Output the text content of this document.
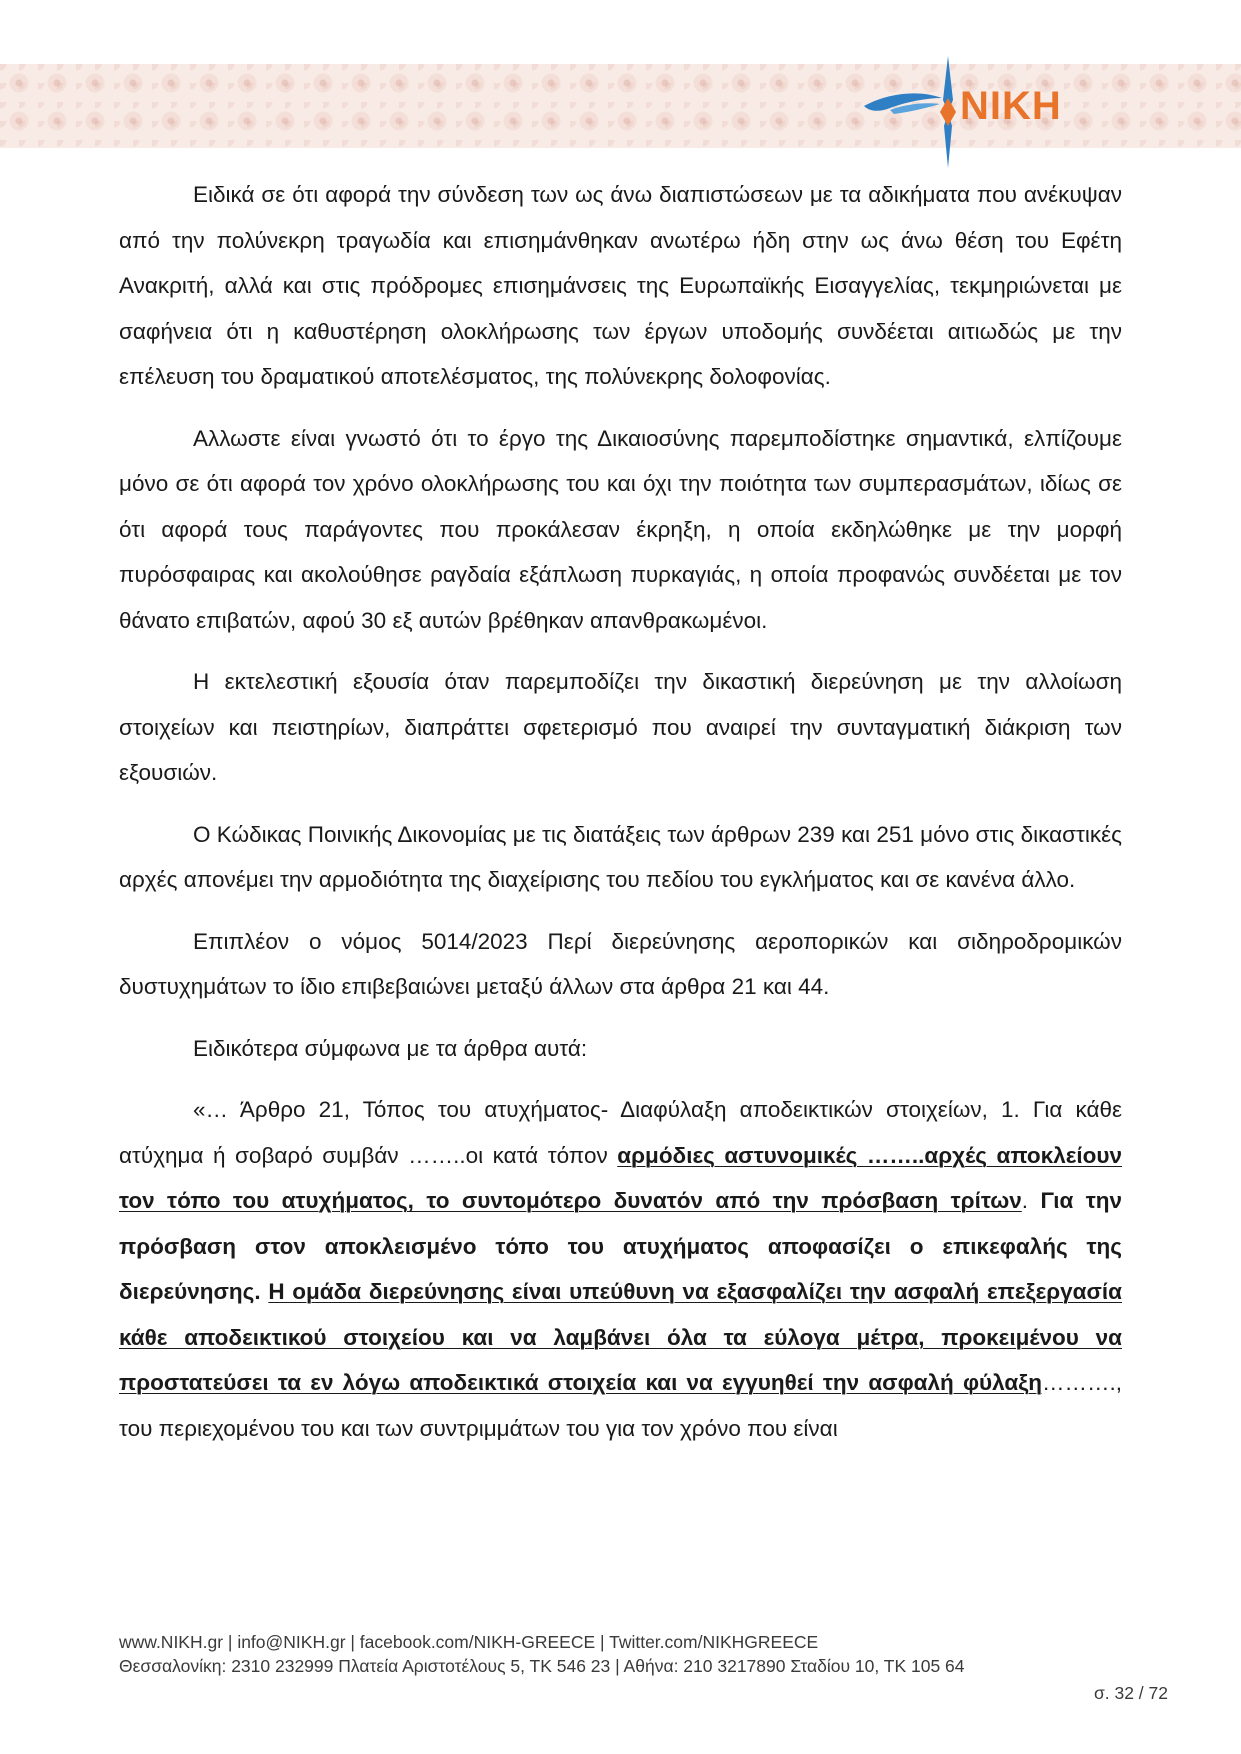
NIKH

Ειδικά σε ότι αφορά την σύνδεση των ως άνω διαπιστώσεων με τα αδικήματα που ανέκυψαν από την πολύνεκρη τραγωδία και επισημάνθηκαν ανωτέρω ήδη στην ως άνω θέση του Εφέτη Ανακριτή, αλλά και στις πρόδρομες επισημάνσεις της Ευρωπαϊκής Εισαγγελίας, τεκμηριώνεται με σαφήνεια ότι η καθυστέρηση ολοκλήρωσης των έργων υποδομής συνδέεται αιτιωδώς με την επέλευση του δραματικού αποτελέσματος, της πολύνεκρης δολοφονίας.

Αλλωστε είναι γνωστό ότι το έργο της Δικαιοσύνης παρεμποδίστηκε σημαντικά, ελπίζουμε μόνο σε ότι αφορά τον χρόνο ολοκλήρωσης του και όχι την ποιότητα των συμπερασμάτων, ιδίως σε ότι αφορά τους παράγοντες που προκάλεσαν έκρηξη, η οποία εκδηλώθηκε με την μορφή πυρόσφαιρας και ακολούθησε ραγδαία εξάπλωση πυρκαγιάς, η οποία προφανώς συνδέεται με τον θάνατο επιβατών, αφού 30 εξ αυτών βρέθηκαν απανθρακωμένοι.

Η εκτελεστική εξουσία όταν παρεμποδίζει την δικαστική διερεύνηση με την αλλοίωση στοιχείων και πειστηρίων, διαπράττει σφετερισμό που αναιρεί την συνταγματική διάκριση των εξουσιών.

Ο Κώδικας Ποινικής Δικονομίας με τις διατάξεις των άρθρων 239 και 251 μόνο στις δικαστικές αρχές απονέμει την αρμοδιότητα της διαχείρισης του πεδίου του εγκλήματος και σε κανένα άλλο.

Επιπλέον ο νόμος 5014/2023 Περί διερεύνησης αεροπορικών και σιδηροδρομικών δυστυχημάτων το ίδιο επιβεβαιώνει μεταξύ άλλων στα άρθρα 21 και 44.

Ειδικότερα σύμφωνα με τα άρθρα αυτά:

«… Άρθρο 21, Τόπος του ατυχήματος- Διαφύλαξη αποδεικτικών στοιχείων, 1. Για κάθε ατύχημα ή σοβαρό συμβάν ……..οι κατά τόπον αρμόδιες αστυνομικές ……..αρχές αποκλείουν τον τόπο του ατυχήματος, το συντομότερο δυνατόν από την πρόσβαση τρίτων. Για την πρόσβαση στον αποκλεισμένο τόπο του ατυχήματος αποφασίζει ο επικεφαλής της διερεύνησης. Η ομάδα διερεύνησης είναι υπεύθυνη να εξασφαλίζει την ασφαλή επεξεργασία κάθε αποδεικτικού στοιχείου και να λαμβάνει όλα τα εύλογα μέτρα, προκειμένου να προστατεύσει τα εν λόγω αποδεικτικά στοιχεία και να εγγυηθεί την ασφαλή φύλαξη………., του περιεχομένου του και των συντριμμάτων του για τον χρόνο που είναι

www.NIKH.gr | info@NIKH.gr | facebook.com/NIKH-GREECE | Twitter.com/NIKHGREECE
Θεσσαλονίκη: 2310 232999 Πλατεία Αριστοτέλους 5, ΤΚ 546 23 | Αθήνα: 210 3217890 Σταδίου 10, ΤΚ 105 64
σ. 32 / 72
